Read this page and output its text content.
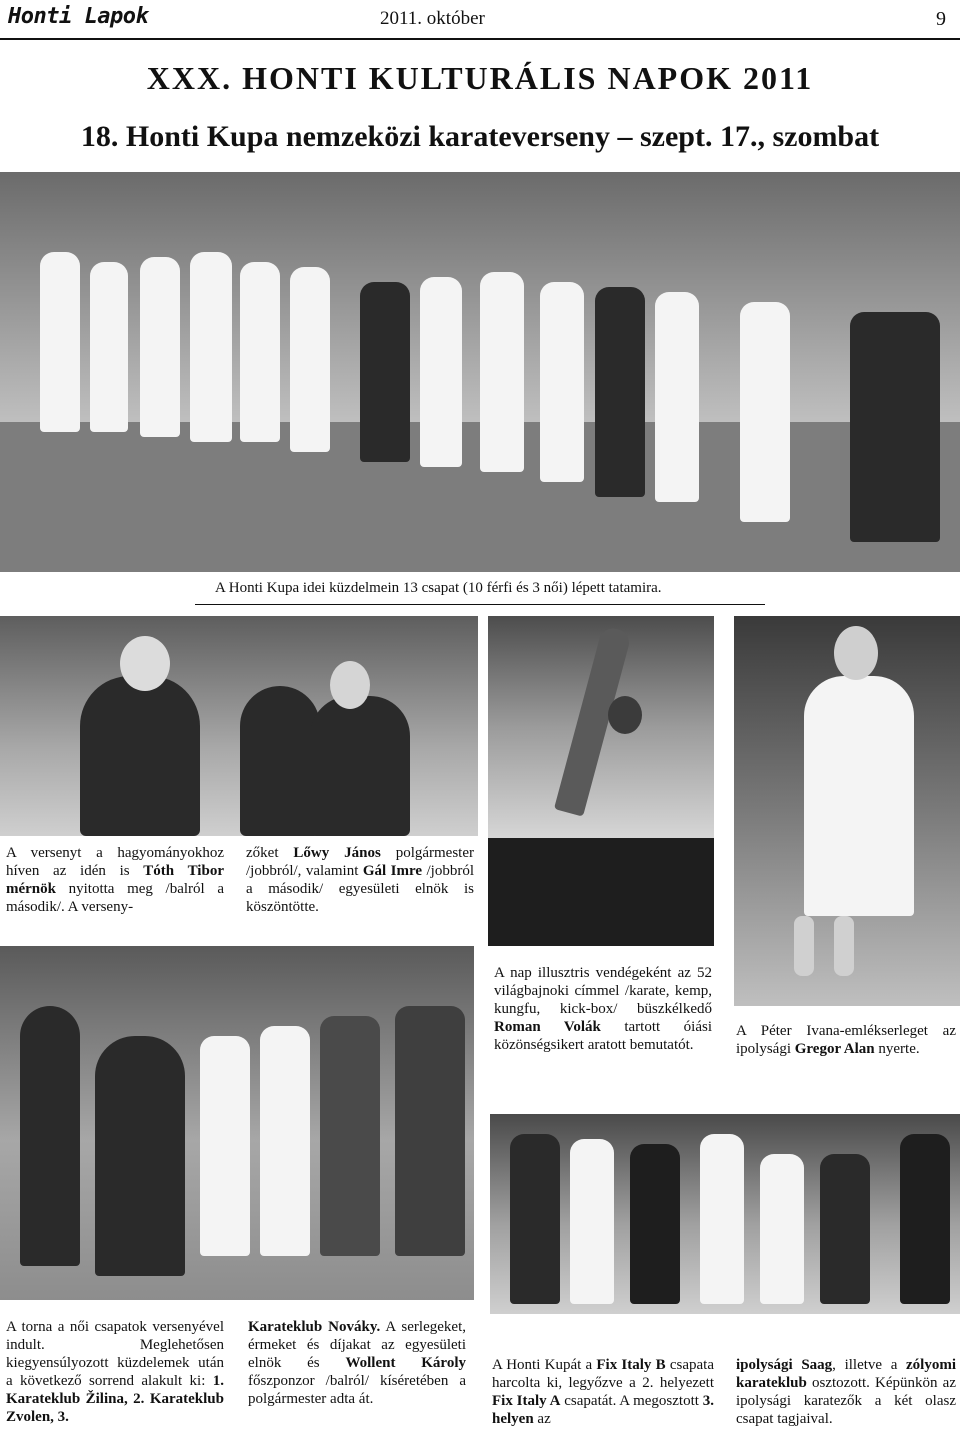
Honti Lapok	2011. október	9
XXX. HONTI KULTURÁLIS NAPOK 2011
18. Honti Kupa nemzeközi karateverseny – szept. 17., szombat
A Honti Kupa idei küzdelmein 13 csapat (10 férfi és 3 női) lépett tatamira.
A versenyt a hagyományokhoz híven az idén is Tóth Tibor mérnök nyitotta meg /balról a második/. A verseny-
zőket Lőwy János polgármester /jobbról/, valamint Gál Imre /jobbról a második/ egyesületi elnök is köszöntötte.
A nap illusztris vendégeként az 52 világbajnoki címmel /karate, kemp, kungfu, kick-box/ büszkélkedő Roman Volák tartott óiási közönségsikert aratott bemutatót.
A Péter Ivana-emlékserleget az ipolysági Gregor Alan nyerte.
A torna a női csapatok versenyével indult. Meglehetősen kiegyensúlyozott küzdelemek után a következő sorrend alakult ki: 1. Karateklub Žilina, 2. Karateklub Zvolen, 3.
Karateklub Nováky. A serlegeket, érmeket és díjakat az egyesületi elnök és Wollent Károly főszponzor /balról/ kíséretében a polgármester adta át.
A Honti Kupát a Fix Italy B csapata harcolta ki, legyőzve a 2. helyezett Fix Italy A csapatát. A megosztott 3. helyen az
ipolysági Saag, illetve a zólyomi karateklub osztozott. Képünkön az ipolysági karatezők a két olasz csapat tagjaival.
